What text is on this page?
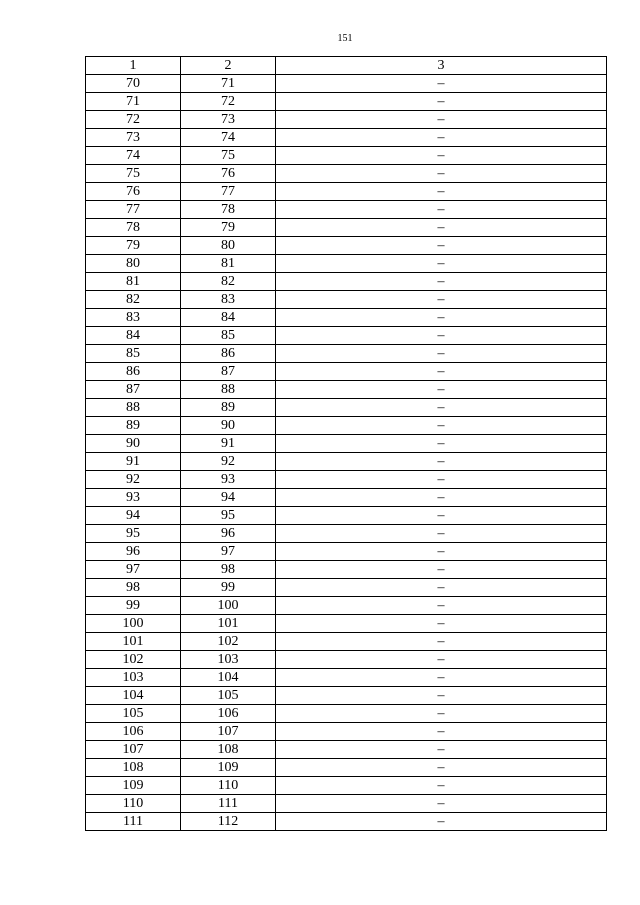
151
1	2	3
70	71	–
71	72	–
72	73	–
73	74	–
74	75	–
75	76	–
76	77	–
77	78	–
78	79	–
79	80	–
80	81	–
81	82	–
82	83	–
83	84	–
84	85	–
85	86	–
86	87	–
87	88	–
88	89	–
89	90	–
90	91	–
91	92	–
92	93	–
93	94	–
94	95	–
95	96	–
96	97	–
97	98	–
98	99	–
99	100	–
100	101	–
101	102	–
102	103	–
103	104	–
104	105	–
105	106	–
106	107	–
107	108	–
108	109	–
109	110	–
110	111	–
111	112	–
